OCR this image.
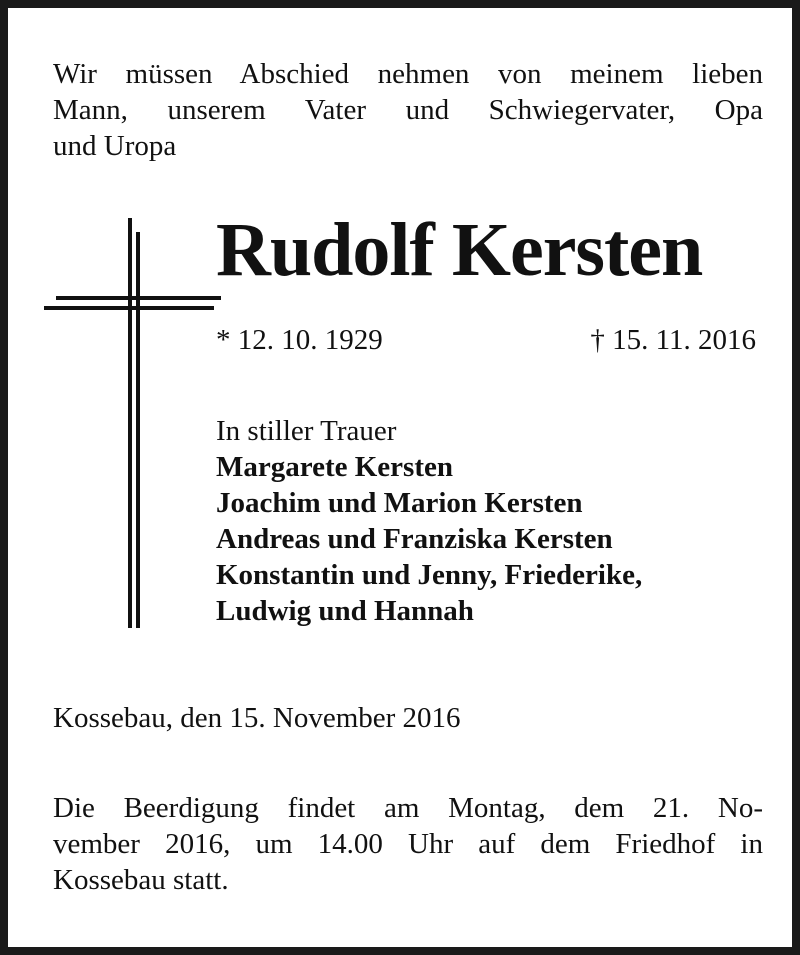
Wir müssen Abschied nehmen von meinem lieben
Mann, unserem Vater und Schwiegervater, Opa
und Uropa
Rudolf Kersten
* 12. 10. 1929	† 15. 11. 2016
In stiller Trauer
Margarete Kersten
Joachim und Marion Kersten
Andreas und Franziska Kersten
Konstantin und Jenny, Friederike,
Ludwig und Hannah
Kossebau, den 15. November 2016
Die Beerdigung findet am Montag, dem 21. No-
vember 2016, um 14.00 Uhr auf dem Friedhof in
Kossebau statt.
